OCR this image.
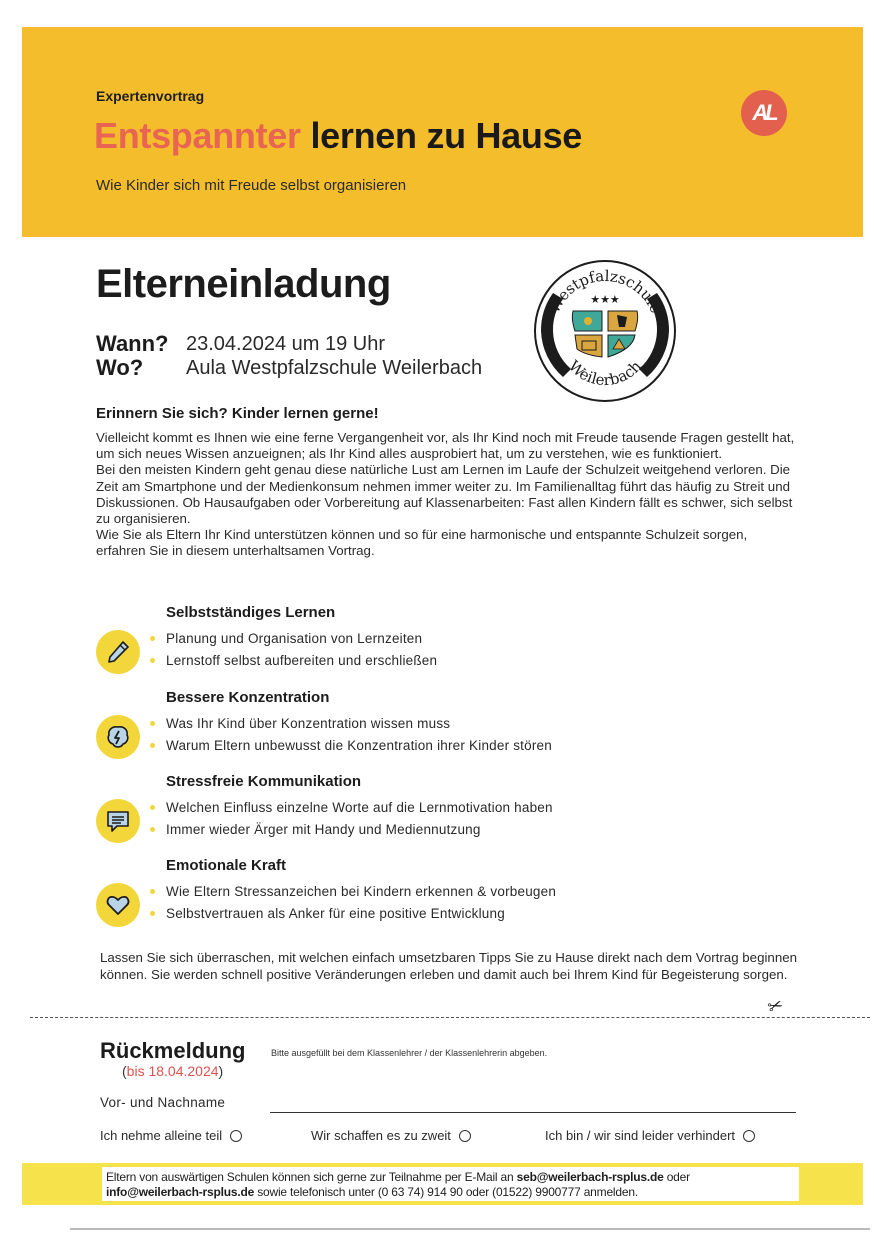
Expertenvortrag
Entspannter lernen zu Hause
Wie Kinder sich mit Freude selbst organisieren
AL
Elterneinladung
Wann? 23.04.2024 um 19 Uhr
Wo?	Aula Westpfalzschule Weilerbach
Westpfalzschule
Weilerbach
★★★
Erinnern Sie sich? Kinder lernen gerne!

Vielleicht kommt es Ihnen wie eine ferne Vergangenheit vor, als Ihr Kind noch mit Freude tausende Fragen gestellt hat, um sich neues Wissen anzueignen; als Ihr Kind alles ausprobiert hat, um zu verstehen, wie es funktioniert.

Bei den meisten Kindern geht genau diese natürliche Lust am Lernen im Laufe der Schulzeit weitgehend verloren. Die Zeit am Smartphone und der Medienkonsum nehmen immer weiter zu. Im Familienalltag führt das häufig zu Streit und Diskussionen. Ob Hausaufgaben oder Vorbereitung auf Klassenarbeiten: Fast allen Kindern fällt es schwer, sich selbst zu organisieren.

Wie Sie als Eltern Ihr Kind unterstützen können und so für eine harmonische und entspannte Schulzeit sorgen, erfahren Sie in diesem unterhaltsamen Vortrag.

Selbstständiges Lernen
Planung und Organisation von Lernzeiten
Lernstoff selbst aufbereiten und erschließen
Bessere Konzentration
Was Ihr Kind über Konzentration wissen muss
Warum Eltern unbewusst die Konzentration ihrer Kinder stören
Stressfreie Kommunikation
Welchen Einfluss einzelne Worte auf die Lernmotivation haben
Immer wieder Ärger mit Handy und Mediennutzung
Emotionale Kraft
Wie Eltern Stressanzeichen bei Kindern erkennen & vorbeugen
Selbstvertrauen als Anker für eine positive Entwicklung
Lassen Sie sich überraschen, mit welchen einfach umsetzbaren Tipps Sie zu Hause direkt nach dem Vortrag beginnen können. Sie werden schnell positive Veränderungen erleben und damit auch bei Ihrem Kind für Begeisterung sorgen.
✂
Rückmeldung	Bitte ausgefüllt bei dem Klassenlehrer / der Klassenlehrerin abgeben.
(bis 18.04.2024)
Vor- und Nachname
Ich nehme alleine teil	Wir schaffen es zu zweit	Ich bin / wir sind leider verhindert
Eltern von auswärtigen Schulen können sich gerne zur Teilnahme per E-Mail an seb@weilerbach-rsplus.de oder
info@weilerbach-rsplus.de sowie telefonisch unter (0 63 74) 914 90 oder (01522) 9900777 anmelden.
